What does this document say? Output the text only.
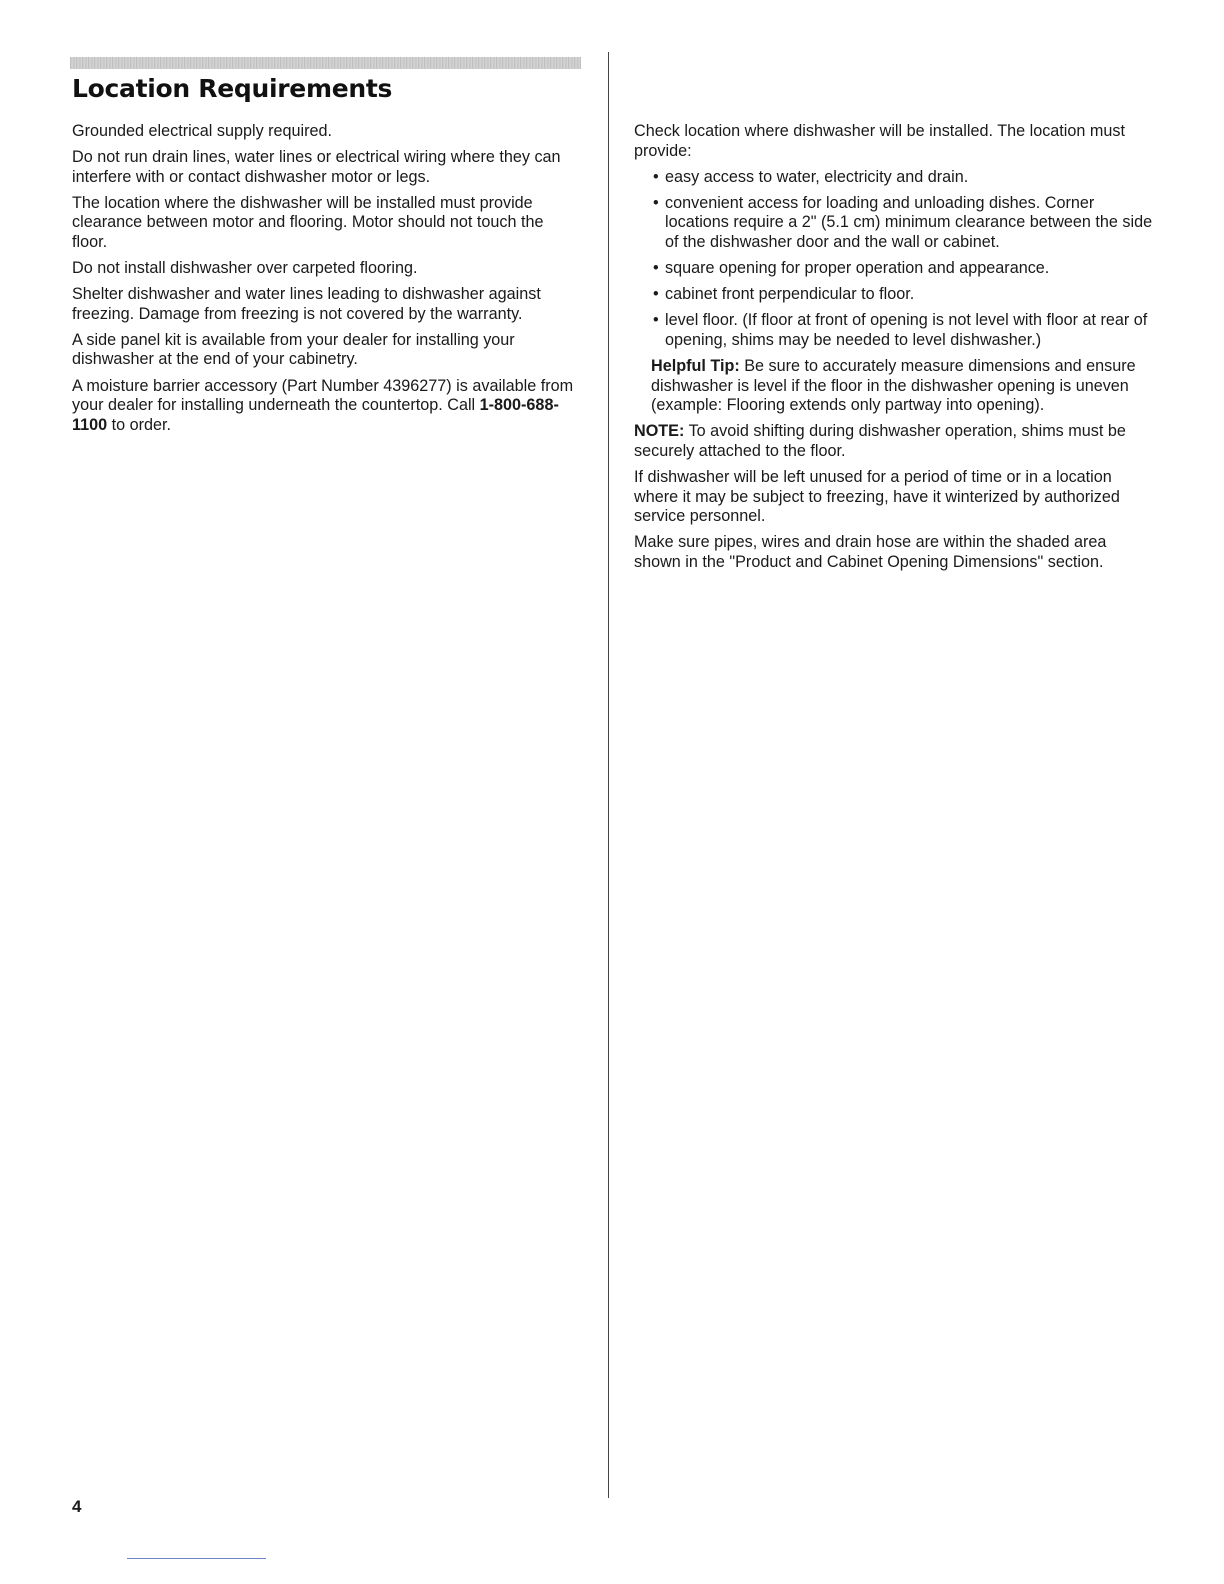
Location Requirements

Grounded electrical supply required.

Do not run drain lines, water lines or electrical wiring where they can interfere with or contact dishwasher motor or legs.

The location where the dishwasher will be installed must provide clearance between motor and flooring. Motor should not touch the floor.

Do not install dishwasher over carpeted flooring.

Shelter dishwasher and water lines leading to dishwasher against freezing. Damage from freezing is not covered by the warranty.

A side panel kit is available from your dealer for installing your dishwasher at the end of your cabinetry.

A moisture barrier accessory (Part Number 4396277) is available from your dealer for installing underneath the countertop. Call 1-800-688-1100 to order.

Check location where dishwasher will be installed. The location must provide:

• easy access to water, electricity and drain.
• convenient access for loading and unloading dishes. Corner locations require a 2" (5.1 cm) minimum clearance between the side of the dishwasher door and the wall or cabinet.
• square opening for proper operation and appearance.
• cabinet front perpendicular to floor.
• level floor. (If floor at front of opening is not level with floor at rear of opening, shims may be needed to level dishwasher.)

Helpful Tip: Be sure to accurately measure dimensions and ensure dishwasher is level if the floor in the dishwasher opening is uneven (example: Flooring extends only partway into opening).

NOTE: To avoid shifting during dishwasher operation, shims must be securely attached to the floor.

If dishwasher will be left unused for a period of time or in a location where it may be subject to freezing, have it winterized by authorized service personnel.

Make sure pipes, wires and drain hose are within the shaded area shown in the "Product and Cabinet Opening Dimensions" section.

4
